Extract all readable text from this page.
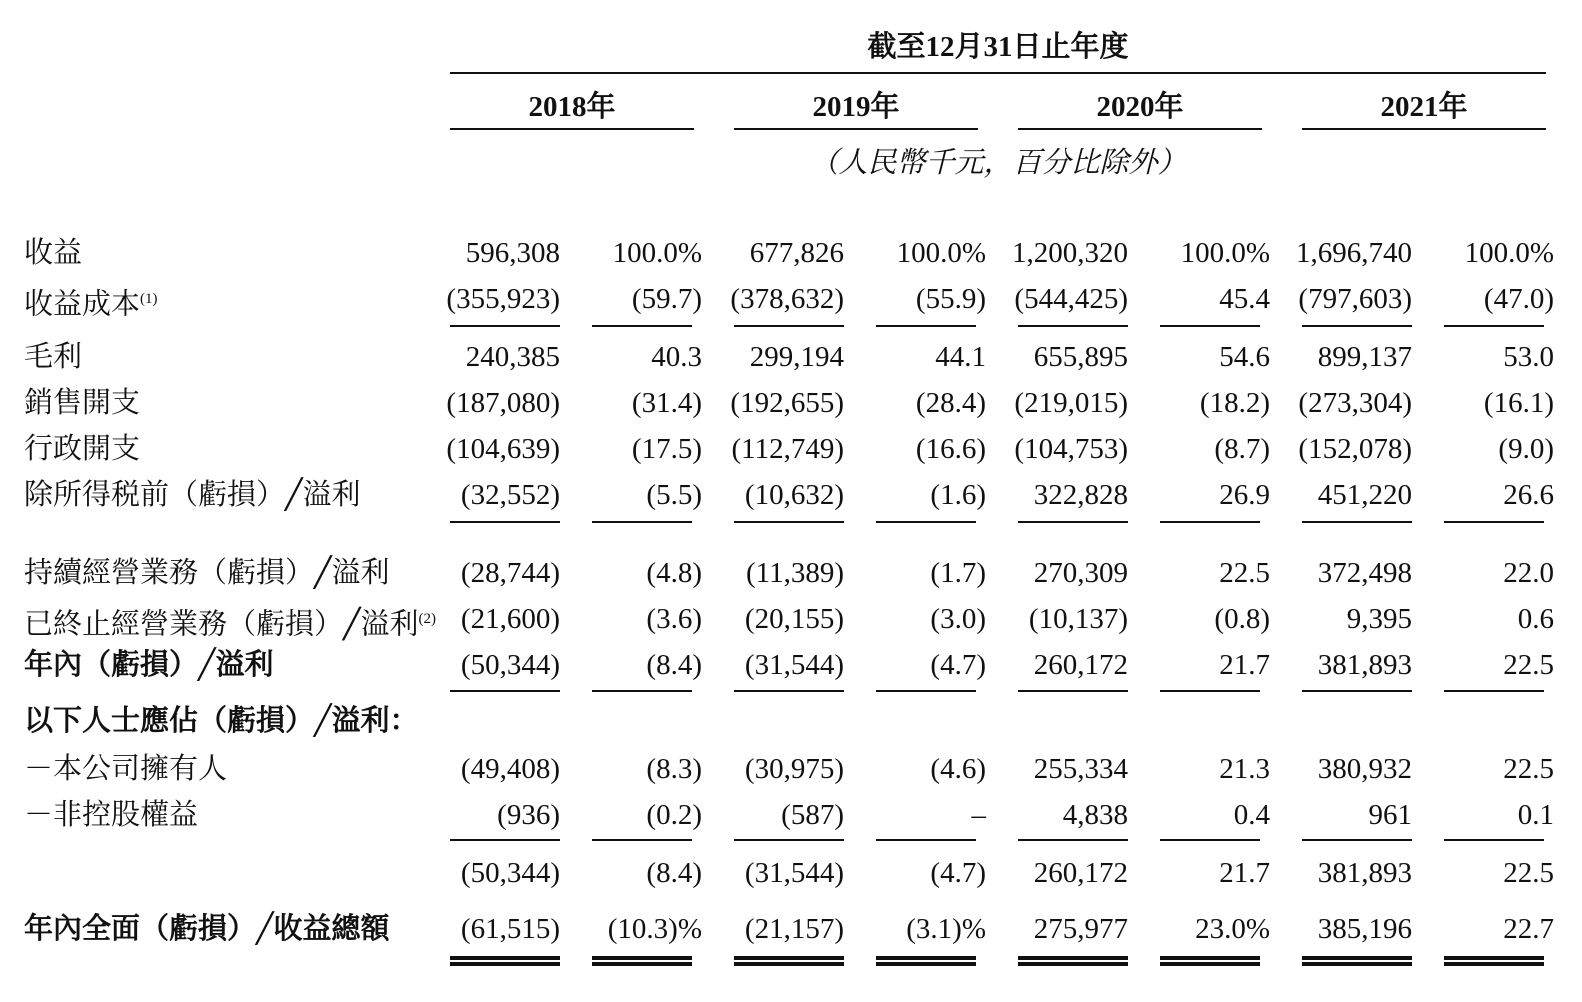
截至12月31日止年度
2018年	2019年	2020年	2021年
（人民幣千元，百分比除外）
收益	596,308	100.0%	677,826	100.0% 1,200,320	100.0% 1,696,740	100.0%
收益成本$^{(1)}$	(355,923)	(59.7) (378,632)	(55.9) (544,425)	45.4 (797,603)	(47.0)
毛利	240,385	40.3	299,194	44.1	655,895	54.6	899,137	53.0
銷售開支	(187,080)	(31.4) (192,655)	(28.4) (219,015)	(18.2) (273,304)	(16.1)
行政開支	(104,639)	(17.5)	(112,749)	(16.6) (104,753)	(8.7) (152,078)	(9.0)
除所得税前（虧損）╱溢利	(32,552)	(5.5)	(10,632)	(1.6)	322,828	26.9	451,220	26.6
持續經營業務（虧損）╱溢利	(28,744)	(4.8)	(11,389)	(1.7)	270,309	22.5	372,498	22.0
已終止經營業務（虧損）╱溢利$^{(2)}$ (21,600)	(3.6)	(20,155)	(3.0)	(10,137)	(0.8)	9,395	0.6
年內（虧損）╱溢利	(50,344)	(8.4)	(31,544)	(4.7)	260,172	21.7	381,893	22.5
以下人士應佔（虧損）╱溢利：
－本公司擁有人	(49,408)	(8.3)	(30,975)	(4.6)	255,334	21.3	380,932	22.5
－非控股權益	(936)	(0.2)	(587)	–	4,838	0.4	961	0.1
(50,344)	(8.4)	(31,544)	(4.7)	260,172	21.7	381,893	22.5
年內全面（虧損）╱收益總額	(61,515)	(10.3)%	(21,157)	(3.1)%	275,977	23.0%	385,196	22.7
